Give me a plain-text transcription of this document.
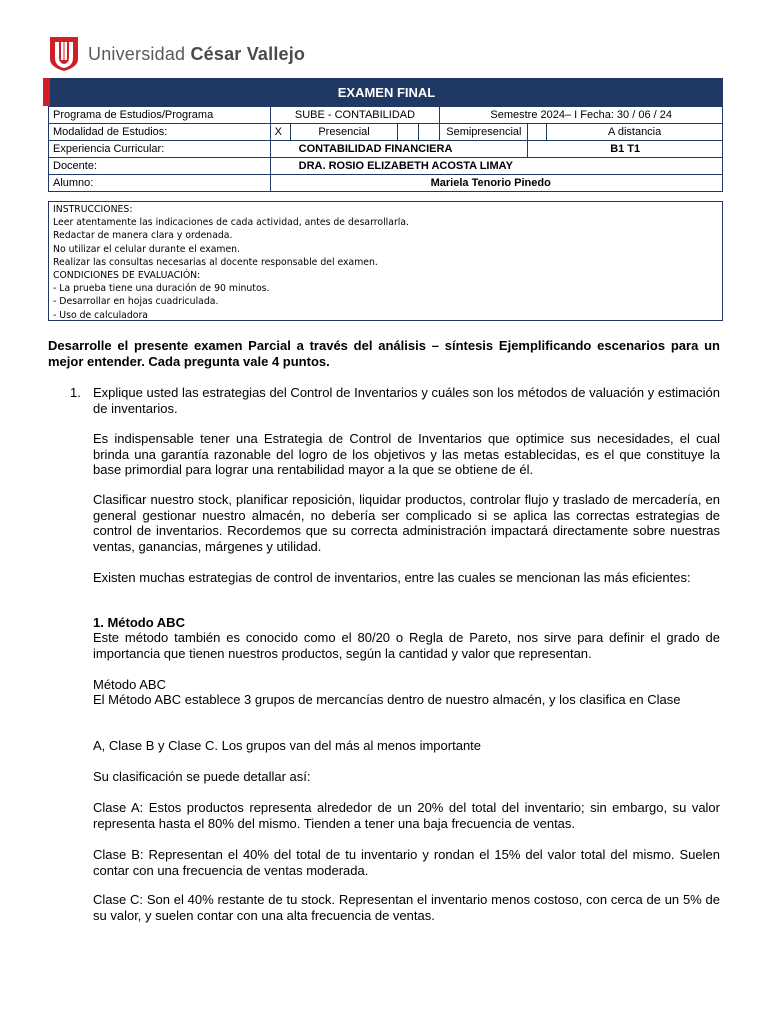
Universidad César Vallejo
EXAMEN FINAL
Programa de Estudios/Programa	SUBE - CONTABILIDAD				Semestre 2024– I Fecha: 30 / 06 / 24		
Modalidad de Estudios:	X	Presencial			Semipresencial		A distancia
Experiencia Curricular:	CONTABILIDAD FINANCIERA					B1 T1	
Docente:	DRA. ROSIO ELIZABETH ACOSTA LIMAY						
Alumno:	Mariela Tenorio Pinedo						
INSTRUCCIONES:
Leer atentamente las indicaciones de cada actividad, antes de desarrollarla.
Redactar de manera clara y ordenada.
No utilizar el celular durante el examen.
Realizar las consultas necesarias al docente responsable del examen.
CONDICIONES DE EVALUACIÓN:
- La prueba tiene una duración de 90 minutos.
- Desarrollar en hojas cuadriculada.
- Uso de calculadora
Desarrolle el presente examen Parcial a través del análisis – síntesis Ejemplificando escenarios para un mejor entender. Cada pregunta vale 4 puntos.
1. Explique usted las estrategias del Control de Inventarios y cuáles son los métodos de valuación y estimación de inventarios.
Es indispensable tener una Estrategia de Control de Inventarios que optimice sus necesidades, el cual brinda una garantía razonable del logro de los objetivos y las metas establecidas, es el que constituye la base primordial para lograr una rentabilidad mayor a la que se obtiene de él.
Clasificar nuestro stock, planificar reposición, liquidar productos, controlar flujo y traslado de mercadería, en general gestionar nuestro almacén, no debería ser complicado si se aplica las correctas estrategias de control de inventarios. Recordemos que su correcta administración impactará directamente sobre nuestras ventas, ganancias, márgenes y utilidad.
Existen muchas estrategias de control de inventarios, entre las cuales se mencionan las más eficientes:
1. Método ABC
Este método también es conocido como el 80/20 o Regla de Pareto, nos sirve para definir el grado de importancia que tienen nuestros productos, según la cantidad y valor que representan.
Método ABC
El Método ABC establece 3 grupos de mercancías dentro de nuestro almacén, y los clasifica en Clase
A, Clase B y Clase C. Los grupos van del más al menos importante
Su clasificación se puede detallar así:
Clase A: Estos productos representa alrededor de un 20% del total del inventario; sin embargo, su valor representa hasta el 80% del mismo. Tienden a tener una baja frecuencia de ventas.
Clase B: Representan el 40% del total de tu inventario y rondan el 15% del valor total del mismo. Suelen contar con una frecuencia de ventas moderada.
Clase C: Son el 40% restante de tu stock. Representan el inventario menos costoso, con cerca de un 5% de su valor, y suelen contar con una alta frecuencia de ventas.
